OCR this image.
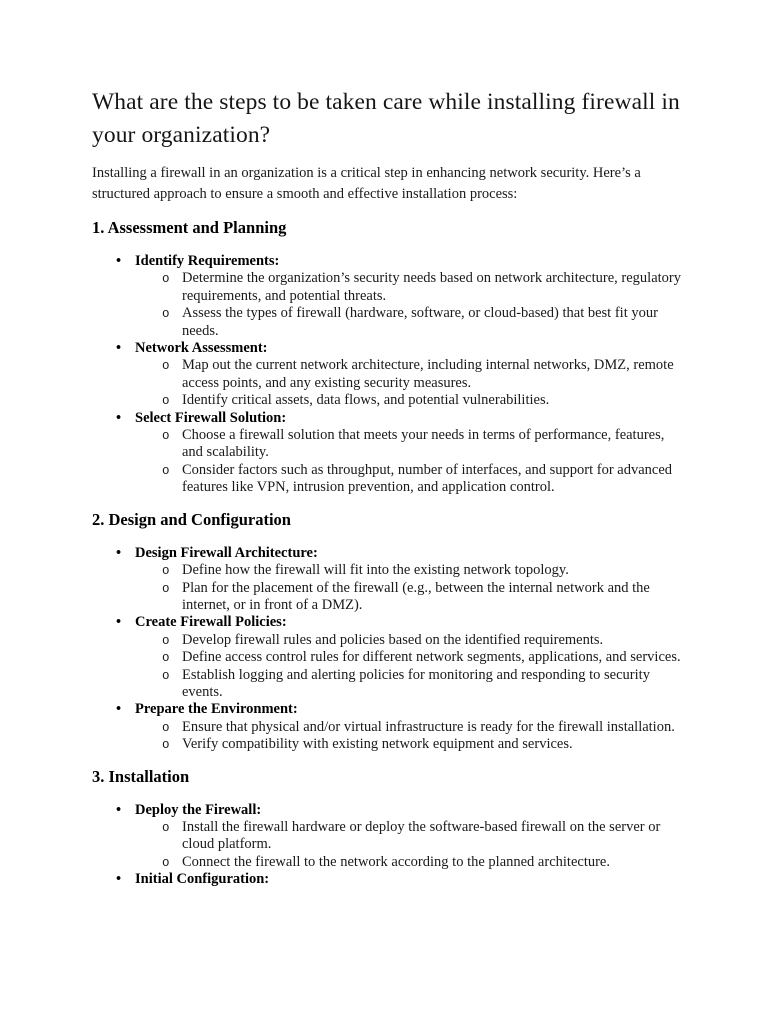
What are the steps to be taken care while installing firewall in your organization?

Installing a firewall in an organization is a critical step in enhancing network security. Here’s a structured approach to ensure a smooth and effective installation process:

1. Assessment and Planning
• Identify Requirements:
o Determine the organization’s security needs based on network architecture, regulatory requirements, and potential threats.
o Assess the types of firewall (hardware, software, or cloud-based) that best fit your needs.
• Network Assessment:
o Map out the current network architecture, including internal networks, DMZ, remote access points, and any existing security measures.
o Identify critical assets, data flows, and potential vulnerabilities.
• Select Firewall Solution:
o Choose a firewall solution that meets your needs in terms of performance, features, and scalability.
o Consider factors such as throughput, number of interfaces, and support for advanced features like VPN, intrusion prevention, and application control.
2. Design and Configuration
• Design Firewall Architecture:
o Define how the firewall will fit into the existing network topology.
o Plan for the placement of the firewall (e.g., between the internal network and the internet, or in front of a DMZ).
• Create Firewall Policies:
o Develop firewall rules and policies based on the identified requirements.
o Define access control rules for different network segments, applications, and services.
o Establish logging and alerting policies for monitoring and responding to security events.
• Prepare the Environment:
o Ensure that physical and/or virtual infrastructure is ready for the firewall installation.
o Verify compatibility with existing network equipment and services.
3. Installation
• Deploy the Firewall:
o Install the firewall hardware or deploy the software-based firewall on the server or cloud platform.
o Connect the firewall to the network according to the planned architecture.
• Initial Configuration:
